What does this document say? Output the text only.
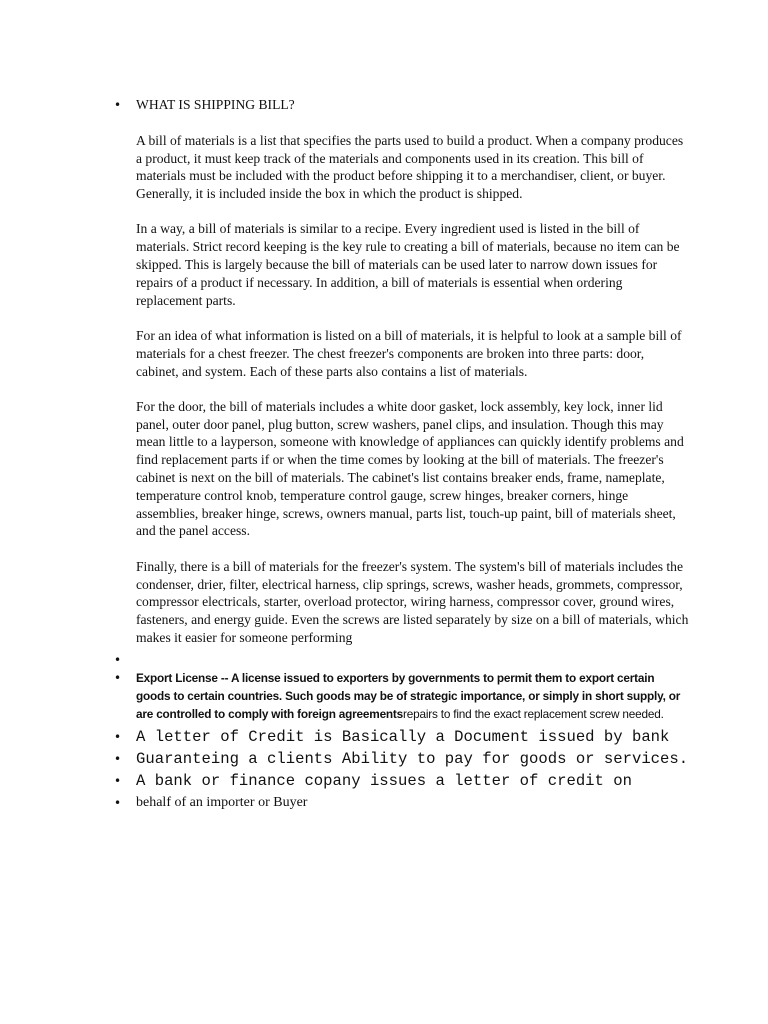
• WHAT IS SHIPPING BILL?

A bill of materials is a list that specifies the parts used to build a product. When a company produces a product, it must keep track of the materials and components used in its creation. This bill of materials must be included with the product before shipping it to a merchandiser, client, or buyer. Generally, it is included inside the box in which the product is shipped.

In a way, a bill of materials is similar to a recipe. Every ingredient used is listed in the bill of materials. Strict record keeping is the key rule to creating a bill of materials, because no item can be skipped. This is largely because the bill of materials can be used later to narrow down issues for repairs of a product if necessary. In addition, a bill of materials is essential when ordering replacement parts.

For an idea of what information is listed on a bill of materials, it is helpful to look at a sample bill of materials for a chest freezer. The chest freezer's components are broken into three parts: door, cabinet, and system. Each of these parts also contains a list of materials.

For the door, the bill of materials includes a white door gasket, lock assembly, key lock, inner lid panel, outer door panel, plug button, screw washers, panel clips, and insulation. Though this may mean little to a layperson, someone with knowledge of appliances can quickly identify problems and find replacement parts if or when the time comes by looking at the bill of materials. The freezer's cabinet is next on the bill of materials. The cabinet's list contains breaker ends, frame, nameplate, temperature control knob, temperature control gauge, screw hinges, breaker corners, hinge assemblies, breaker hinge, screws, owners manual, parts list, touch-up paint, bill of materials sheet, and the panel access.

Finally, there is a bill of materials for the freezer's system. The system's bill of materials includes the condenser, drier, filter, electrical harness, clip springs, screws, washer heads, grommets, compressor, compressor electricals, starter, overload protector, wiring harness, compressor cover, ground wires, fasteners, and energy guide. Even the screws are listed separately by size on a bill of materials, which makes it easier for someone performing

•
• Export License -- A license issued to exporters by governments to permit them to export certain goods to certain countries. Such goods may be of strategic importance, or simply in short supply, or are controlled to comply with foreign agreementsrepairs to find the exact replacement screw needed.
• A letter of Credit is Basically a Document issued by bank
• Guaranteing a clients Ability to pay for goods or services.
• A bank or finance copany issues a letter of credit on
• behalf of an importer or Buyer
